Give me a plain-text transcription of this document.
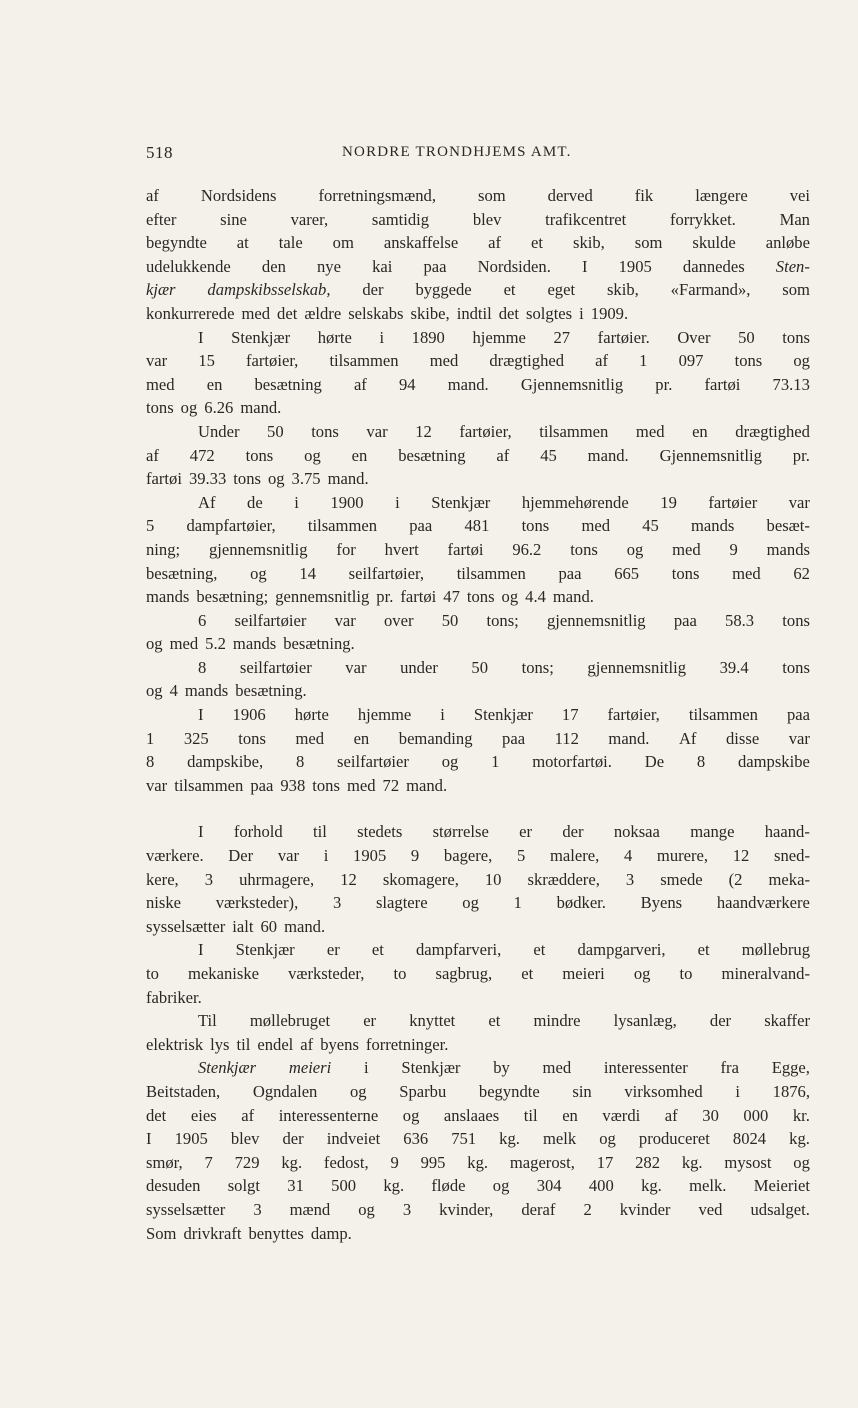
518	NORDRE TRONDHJEMS AMT.
af	Nordsidens	forretningsmænd,	som	derved	fik	længere	vei
efter	sine	varer,	samtidig	blev	trafikcentret	forrykket.	Man
begyndte at tale om anskaffelse af et skib, som skulde anløbe
udelukkende den nye kai paa Nordsiden. I 1905 dannedes Sten-
kjær dampskibsselskab, der byggede et eget skib, «Farmand», som
konkurrerede med det ældre selskabs skibe, indtil det solgtes i 1909.
I Stenkjær hørte i 1890 hjemme 27 fartøier. Over 50 tons
var 15 fartøier, tilsammen med drægtighed af 1 097 tons og
med en besætning af 94 mand. Gjennemsnitlig pr. fartøi 73.13
tons og 6.26 mand.
Under 50 tons var 12 fartøier, tilsammen med en drægtighed
af 472 tons og en besætning af 45 mand. Gjennemsnitlig pr.
fartøi 39.33 tons og 3.75 mand.
Af de i 1900 i Stenkjær hjemmehørende 19 fartøier var
5 dampfartøier, tilsammen paa 481 tons med 45 mands besæt-
ning; gjennemsnitlig for hvert fartøi 96.2 tons og med 9 mands
besætning, og 14 seilfartøier, tilsammen paa 665 tons med 62
mands besætning; gennemsnitlig pr. fartøi 47 tons og 4.4 mand.
6 seilfartøier var over 50 tons; gjennemsnitlig paa 58.3 tons
og med 5.2 mands besætning.
8 seilfartøier var under 50 tons; gjennemsnitlig 39.4 tons
og 4 mands besætning.
I 1906 hørte hjemme i Stenkjær 17 fartøier, tilsammen paa
1 325 tons med en bemanding paa 112 mand. Af disse var
8 dampskibe, 8 seilfartøier og 1 motorfartøi. De 8 dampskibe
var tilsammen paa 938 tons med 72 mand.
I forhold til stedets størrelse er der noksaa mange haand-
værkere. Der var i 1905 9 bagere, 5 malere, 4 murere, 12 sned-
kere, 3 uhrmagere, 12 skomagere, 10 skræddere, 3 smede (2 meka-
niske værksteder), 3 slagtere og 1 bødker. Byens haandværkere
sysselsætter ialt 60 mand.
I Stenkjær er et dampfarveri, et dampgarveri, et møllebrug
to mekaniske værksteder, to sagbrug, et meieri og to mineralvand-
fabriker.
Til møllebruget er knyttet et mindre lysanlæg, der skaffer
elektrisk lys til endel af byens forretninger.
Stenkjær meieri i Stenkjær by med interessenter fra Egge,
Beitstaden, Ogndalen og Sparbu begyndte sin virksomhed i 1876,
det eies af interessenterne og anslaaes til en værdi af 30 000 kr.
I 1905 blev der indveiet 636 751 kg. melk og produceret 8024 kg.
smør, 7 729 kg. fedost, 9 995 kg. magerost, 17 282 kg. mysost og
desuden solgt 31 500 kg. fløde og 304 400 kg. melk. Meieriet
sysselsætter 3 mænd og 3 kvinder, deraf 2 kvinder ved udsalget.
Som drivkraft benyttes damp.
